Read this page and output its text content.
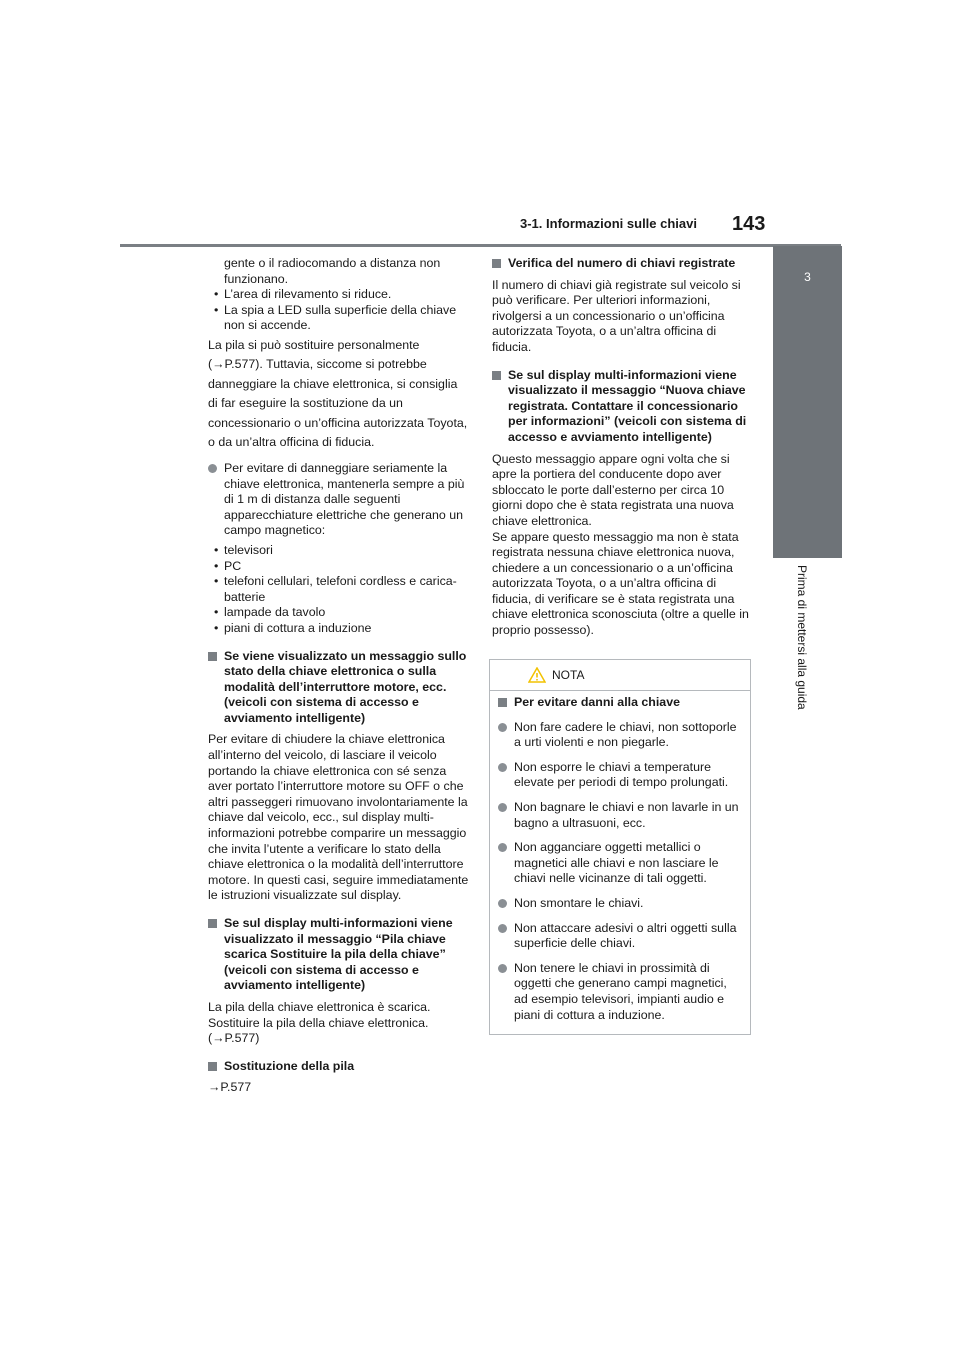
3-1. Informazioni sulle chiavi 143
3
Prima di mettersi alla guida
gente o il radiocomando a distanza non funzionano.
• L’area di rilevamento si riduce.
• La spia a LED sulla superficie della chiave non si accende.

La pila si può sostituire personalmente (→P.577). Tuttavia, siccome si potrebbe danneggiare la chiave elettronica, si consiglia di far eseguire la sostituzione da un concessionario o un’officina autorizzata Toyota, o da un’altra officina di fiducia.

Per evitare di danneggiare seriamente la chiave elettronica, mantenerla sempre a più di 1 m di distanza dalle seguenti apparecchiature elettriche che generano un campo magnetico:
• televisori
• PC
• telefoni cellulari, telefoni cordless e carica-batterie
• lampade da tavolo
• piani di cottura a induzione
Se viene visualizzato un messaggio sullo stato della chiave elettronica o sulla modalità dell’interruttore motore, ecc. (veicoli con sistema di accesso e avviamento intelligente)

Per evitare di chiudere la chiave elettronica all’interno del veicolo, di lasciare il veicolo portando la chiave elettronica con sé senza aver portato l’interruttore motore su OFF o che altri passeggeri rimuovano involontariamente la chiave dal veicolo, ecc., sul display multi-informazioni potrebbe comparire un messaggio che invita l’utente a verificare lo stato della chiave elettronica o la modalità dell’interruttore motore. In questi casi, seguire immediatamente le istruzioni visualizzate sul display.

Se sul display multi-informazioni viene visualizzato il messaggio “Pila chiave scarica Sostituire la pila della chiave” (veicoli con sistema di accesso e avviamento intelligente)
La pila della chiave elettronica è scarica.
Sostituire la pila della chiave elettronica.
(→P.577)
Sostituzione della pila
→P.577
Verifica del numero di chiavi registrate

Il numero di chiavi già registrate sul veicolo si può verificare. Per ulteriori informazioni, rivolgersi a un concessionario o un’officina autorizzata Toyota, o a un’altra officina di fiducia.

Se sul display multi-informazioni viene visualizzato il messaggio “Nuova chiave registrata. Contattare il concessionario per informazioni” (veicoli con sistema di accesso e avviamento intelligente)
Questo messaggio appare ogni volta che si apre la portiera del conducente dopo aver sbloccato le porte dall’esterno per circa 10 giorni dopo che è stata registrata una nuova chiave elettronica.
Se appare questo messaggio ma non è stata registrata nessuna chiave elettronica nuova, chiedere a un concessionario o a un’officina autorizzata Toyota, o a un’altra officina di fiducia, di verificare se è stata registrata una chiave elettronica sconosciuta (oltre a quelle in proprio possesso).
NOTA
Per evitare danni alla chiave
Non fare cadere le chiavi, non sottoporle a urti violenti e non piegarle.
Non esporre le chiavi a temperature elevate per periodi di tempo prolungati.
Non bagnare le chiavi e non lavarle in un bagno a ultrasuoni, ecc.
Non agganciare oggetti metallici o magnetici alle chiavi e non lasciare le chiavi nelle vicinanze di tali oggetti.
Non smontare le chiavi.
Non attaccare adesivi o altri oggetti sulla superficie delle chiavi.
Non tenere le chiavi in prossimità di oggetti che generano campi magnetici, ad esempio televisori, impianti audio e piani di cottura a induzione.
